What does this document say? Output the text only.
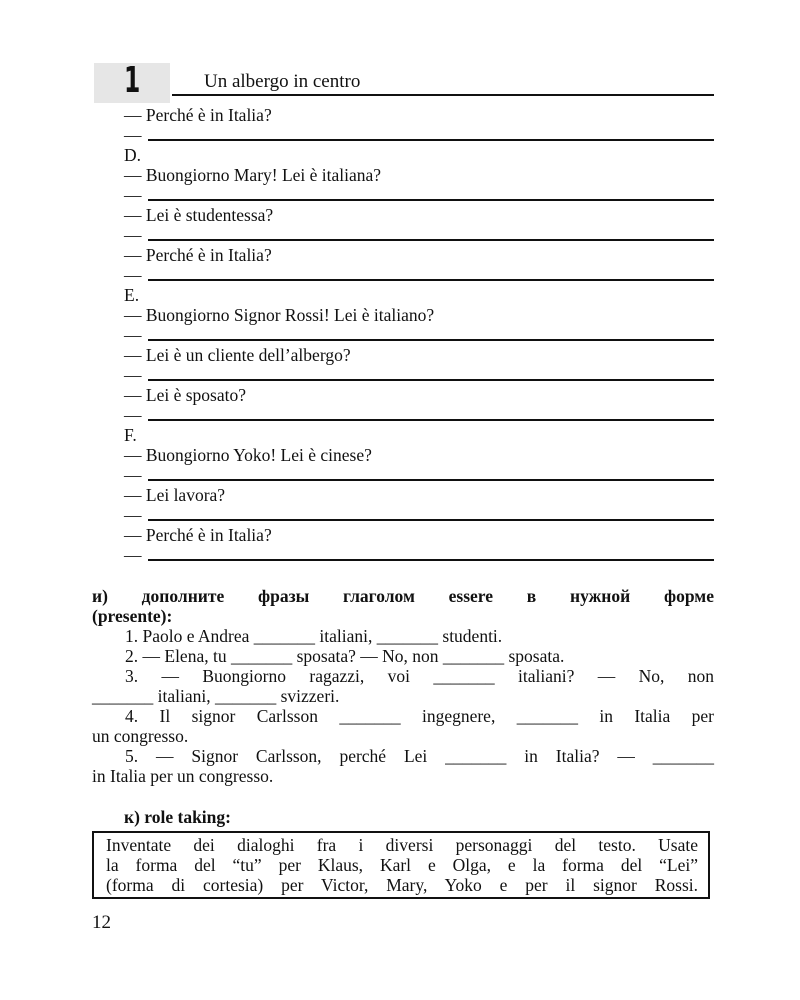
1	Un albergo in centro
— Perché è in Italia?
—
D.
— Buongiorno Mary! Lei è italiana?
—
— Lei è studentessa?
—
— Perché è in Italia?
—
E.
— Buongiorno Signor Rossi! Lei è italiano?
—
— Lei è un cliente dell’albergo?
—
— Lei è sposato?
—
F.
— Buongiorno Yoko! Lei è cinese?
—
— Lei lavora?
—
— Perché è in Italia?
—
и) дополните фразы глаголом essere в нужной форме
(presente):
1. Paolo e Andrea _______ italiani, _______ studenti.
2. — Elena, tu _______ sposata? — No, non _______ sposata.
3. — Buongiorno ragazzi, voi _______ italiani? — No, non
_______ italiani, _______ svizzeri.
4. Il signor Carlsson _______ ingegnere, _______ in Italia per
un congresso.
5. — Signor Carlsson, perché Lei _______ in Italia? — _______
in Italia per un congresso.
к) role taking:
Inventate dei dialoghi fra i diversi personaggi del testo. Usate
la forma del “tu” per Klaus, Karl e Olga, e la forma del “Lei”
(forma di cortesia) per Victor, Mary, Yoko e per il signor Rossi.
12
